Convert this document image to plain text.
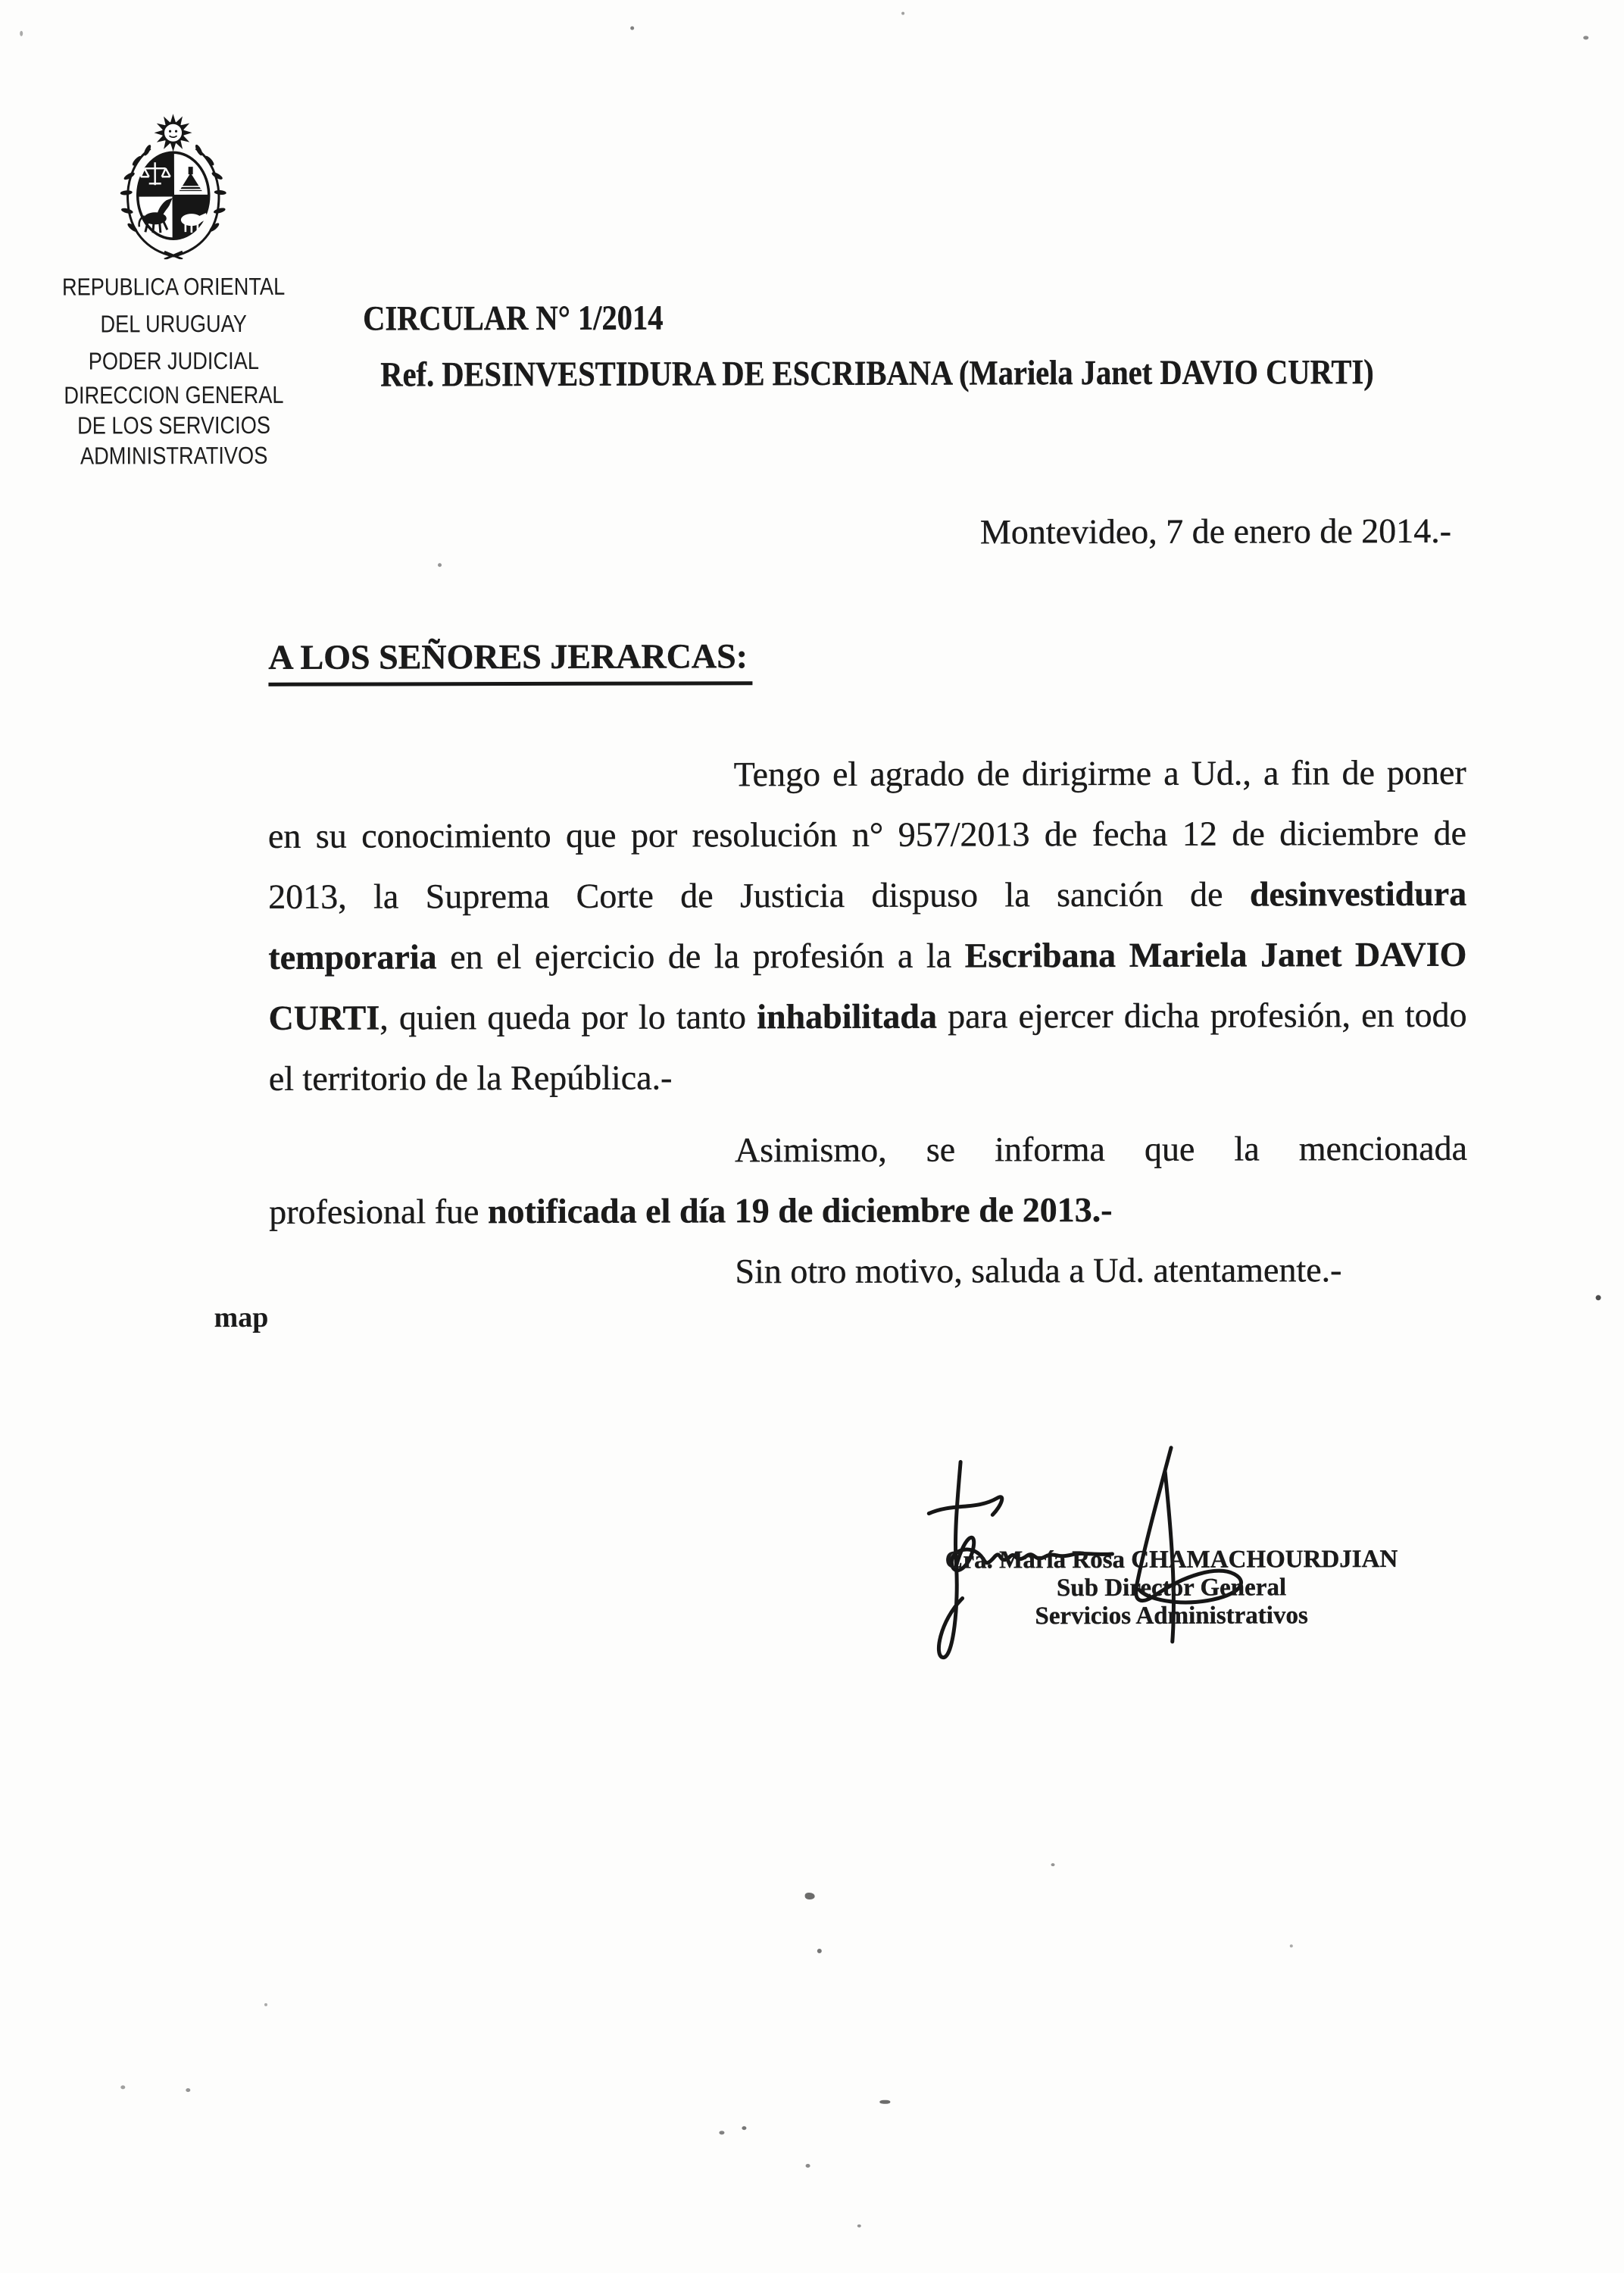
REPUBLICA ORIENTAL
DEL URUGUAY
PODER JUDICIAL
DIRECCION GENERAL
DE LOS SERVICIOS
ADMINISTRATIVOS
CIRCULAR N° 1/2014
Ref. DESINVESTIDURA DE ESCRIBANA (Mariela Janet DAVIO CURTI)
Montevideo, 7 de enero de 2014.-
A LOS SEÑORES JERARCAS:
Tengo el agrado de dirigirme a Ud., a fin de poner
en su conocimiento que por resolución n° 957/2013 de fecha 12 de diciembre de
2013, la Suprema Corte de Justicia dispuso la sanción de desinvestidura
temporaria en el ejercicio de la profesión a la Escribana Mariela Janet DAVIO
CURTI, quien queda por lo tanto inhabilitada para ejercer dicha profesión, en todo
el territorio de la República.-
Asimismo, se informa que la mencionada
profesional fue notificada el día 19 de diciembre de 2013.-
Sin otro motivo, saluda a Ud. atentamente.-
map
Cra. María Rosa CHAMACHOURDJIAN
Sub Director General
Servicios Administrativos
